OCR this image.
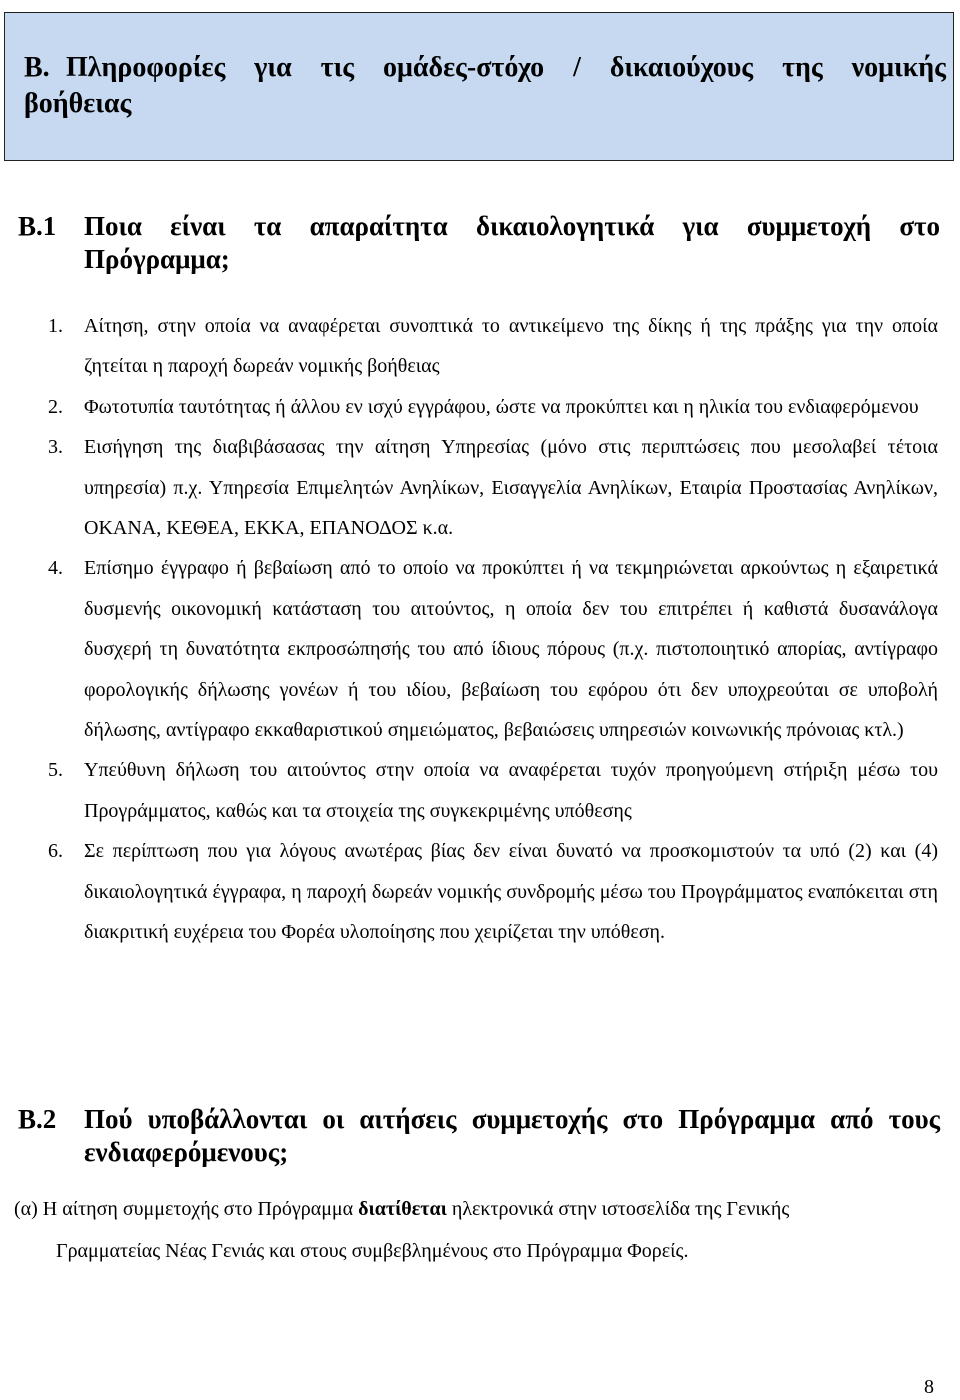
Β. Πληροφορίες για τις ομάδες-στόχο / δικαιούχους της νομικής βοήθειας
Β.1	Ποια είναι τα απαραίτητα δικαιολογητικά για συμμετοχή στο Πρόγραμμα;
1. Αίτηση, στην οποία να αναφέρεται συνοπτικά το αντικείμενο της δίκης ή της πράξης για την οποία ζητείται η παροχή δωρεάν νομικής βοήθειας
2. Φωτοτυπία ταυτότητας ή άλλου εν ισχύ εγγράφου, ώστε να προκύπτει και η ηλικία του ενδιαφερόμενου
3. Εισήγηση της διαβιβάσασας την αίτηση Υπηρεσίας (μόνο στις περιπτώσεις που μεσολαβεί τέτοια υπηρεσία) π.χ. Υπηρεσία Επιμελητών Ανηλίκων, Εισαγγελία Ανηλίκων, Εταιρία Προστασίας Ανηλίκων, ΟΚΑΝΑ, ΚΕΘΕΑ, ΕΚΚΑ, ΕΠΑΝΟΔΟΣ κ.α.
4. Επίσημο έγγραφο ή βεβαίωση από το οποίο να προκύπτει ή να τεκμηριώνεται αρκούντως η εξαιρετικά δυσμενής οικονομική κατάσταση του αιτούντος, η οποία δεν του επιτρέπει ή καθιστά δυσανάλογα δυσχερή τη δυνατότητα εκπροσώπησής του από ίδιους πόρους (π.χ. πιστοποιητικό απορίας, αντίγραφο φορολογικής δήλωσης γονέων ή του ιδίου, βεβαίωση του εφόρου ότι δεν υποχρεούται σε υποβολή δήλωσης, αντίγραφο εκκαθαριστικού σημειώματος, βεβαιώσεις υπηρεσιών κοινωνικής πρόνοιας κτλ.)
5. Υπεύθυνη δήλωση του αιτούντος στην οποία να αναφέρεται τυχόν προηγούμενη στήριξη μέσω του Προγράμματος, καθώς και τα στοιχεία της συγκεκριμένης υπόθεσης
6. Σε περίπτωση που για λόγους ανωτέρας βίας δεν είναι δυνατό να προσκομιστούν τα υπό (2) και (4) δικαιολογητικά έγγραφα, η παροχή δωρεάν νομικής συνδρομής μέσω του Προγράμματος εναπόκειται στη διακριτική ευχέρεια του Φορέα υλοποίησης που χειρίζεται την υπόθεση.
Β.2	Πού υποβάλλονται οι αιτήσεις συμμετοχής στο Πρόγραμμα από τους ενδιαφερόμενους;

(α) Η αίτηση συμμετοχής στο Πρόγραμμα διατίθεται ηλεκτρονικά στην ιστοσελίδα της Γενικής
Γραμματείας Νέας Γενιάς και στους συμβεβλημένους στο Πρόγραμμα Φορείς.

8
